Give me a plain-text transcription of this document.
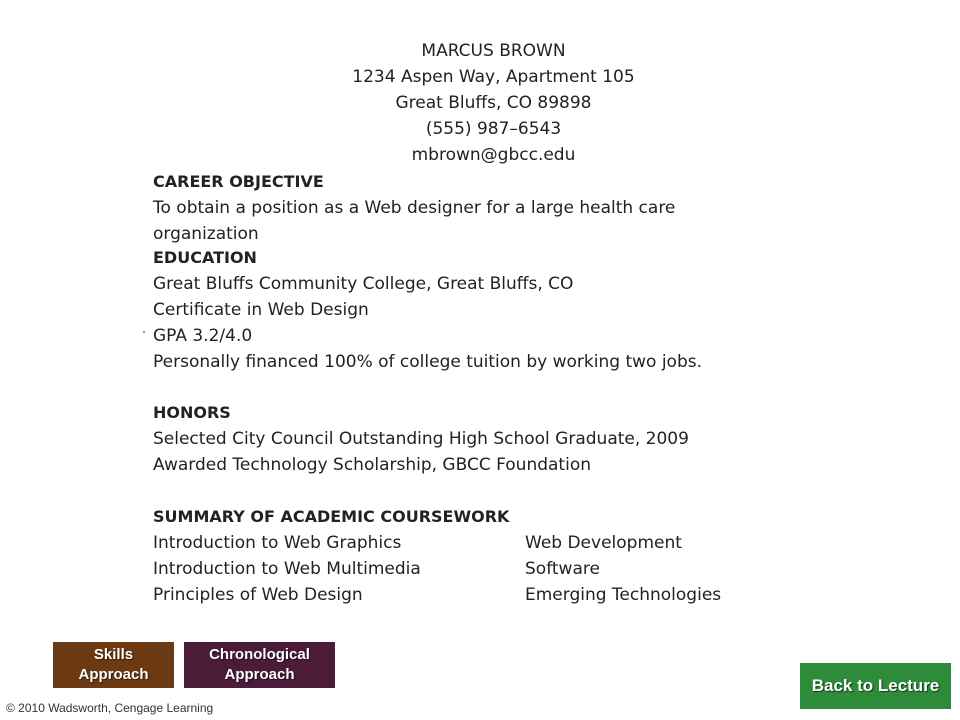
MARCUS BROWN
1234 Aspen Way, Apartment 105
Great Bluffs, CO 89898
(555) 987–6543
mbrown@gbcc.edu
CAREER OBJECTIVE
To obtain a position as a Web designer for a large health care organization
EDUCATION
Great Bluffs Community College, Great Bluffs, CO
Certificate in Web Design
GPA 3.2/4.0
Personally financed 100% of college tuition by working two jobs.
HONORS
Selected City Council Outstanding High School Graduate, 2009
Awarded Technology Scholarship, GBCC Foundation
SUMMARY OF ACADEMIC COURSEWORK
Introduction to Web Graphics
Introduction to Web Multimedia
Principles of Web Design
Web Development
Software
Emerging Technologies
Skills
Approach
Chronological
Approach
Back to Lecture
© 2010 Wadsworth, Cengage Learning
